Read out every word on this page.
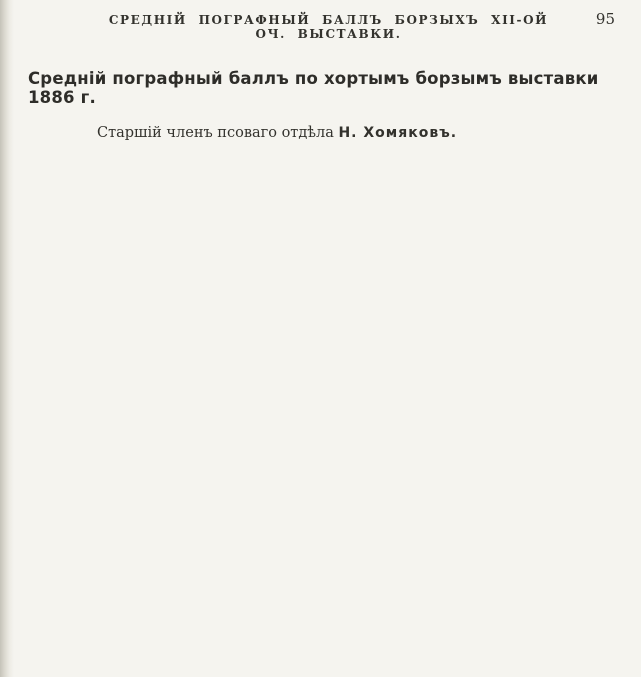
СРЕДНІЙ ПОГРАФНЫЙ БАЛЛЪ БОРЗЫХЪ XII-ОЙ ОЧ. ВЫСТАВКИ.
95
Средній пографный баллъ по хортымъ борзымъ выставки 1886 г.
Старшій членъ псоваго отдѣла Н. Хомяковъ.
